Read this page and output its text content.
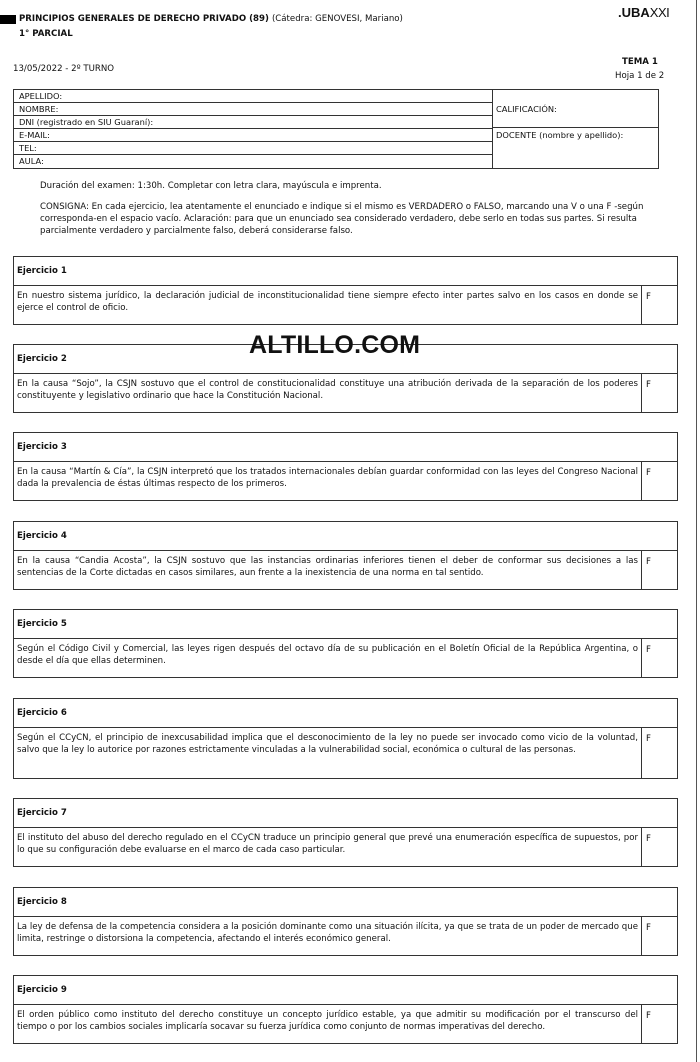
PRINCIPIOS GENERALES DE DERECHO PRIVADO (89) (Cátedra: GENOVESI, Mariano)
1° PARCIAL
.UBAXXI
13/05/2022 - 2º TURNO
TEMA 1
Hoja 1 de 2
APELLIDO:
NOMBRE:
DNI (registrado en SIU Guaraní):
E-MAIL:
TEL:
AULA:
CALIFICACIÓN:
DOCENTE (nombre y apellido):
Duración del examen: 1:30h. Completar con letra clara, mayúscula e imprenta.
CONSIGNA: En cada ejercicio, lea atentamente el enunciado e indique si el mismo es VERDADERO o FALSO, marcando una V o una F -según corresponda-en el espacio vacío. Aclaración: para que un enunciado sea considerado verdadero, debe serlo en todas sus partes. Si resulta parcialmente verdadero y parcialmente falso, deberá considerarse falso.
Ejercicio 1
En nuestro sistema jurídico, la declaración judicial de inconstitucionalidad tiene siempre efecto inter partes salvo en los casos en donde se ejerce el control de oficio.
F
Ejercicio 2
En la causa “Sojo”, la CSJN sostuvo que el control de constitucionalidad constituye una atribución derivada de la separación de los poderes constituyente y legislativo ordinario que hace la Constitución Nacional.
F
Ejercicio 3
En la causa “Martín & Cía”, la CSJN interpretó que los tratados internacionales debían guardar conformidad con las leyes del Congreso Nacional dada la prevalencia de éstas últimas respecto de los primeros.
F
Ejercicio 4
En la causa “Candia Acosta”, la CSJN sostuvo que las instancias ordinarias inferiores tienen el deber de conformar sus decisiones a las sentencias de la Corte dictadas en casos similares, aun frente a la inexistencia de una norma en tal sentido.
F
Ejercicio 5
Según el Código Civil y Comercial, las leyes rigen después del octavo día de su publicación en el Boletín Oficial de la República Argentina, o desde el día que ellas determinen.
F
Ejercicio 6
Según el CCyCN, el principio de inexcusabilidad implica que el desconocimiento de la ley no puede ser invocado como vicio de la voluntad, salvo que la ley lo autorice por razones estrictamente vinculadas a la vulnerabilidad social, económica o cultural de las personas.
F
Ejercicio 7
El instituto del abuso del derecho regulado en el CCyCN traduce un principio general que prevé una enumeración específica de supuestos, por lo que su configuración debe evaluarse en el marco de cada caso particular.
F
Ejercicio 8
La ley de defensa de la competencia considera a la posición dominante como una situación ilícita, ya que se trata de un poder de mercado que limita, restringe o distorsiona la competencia, afectando el interés económico general.
F
Ejercicio 9
El orden público como instituto del derecho constituye un concepto jurídico estable, ya que admitir su modificación por el transcurso del tiempo o por los cambios sociales implicaría socavar su fuerza jurídica como conjunto de normas imperativas del derecho.
F
ALTILLO.COM
